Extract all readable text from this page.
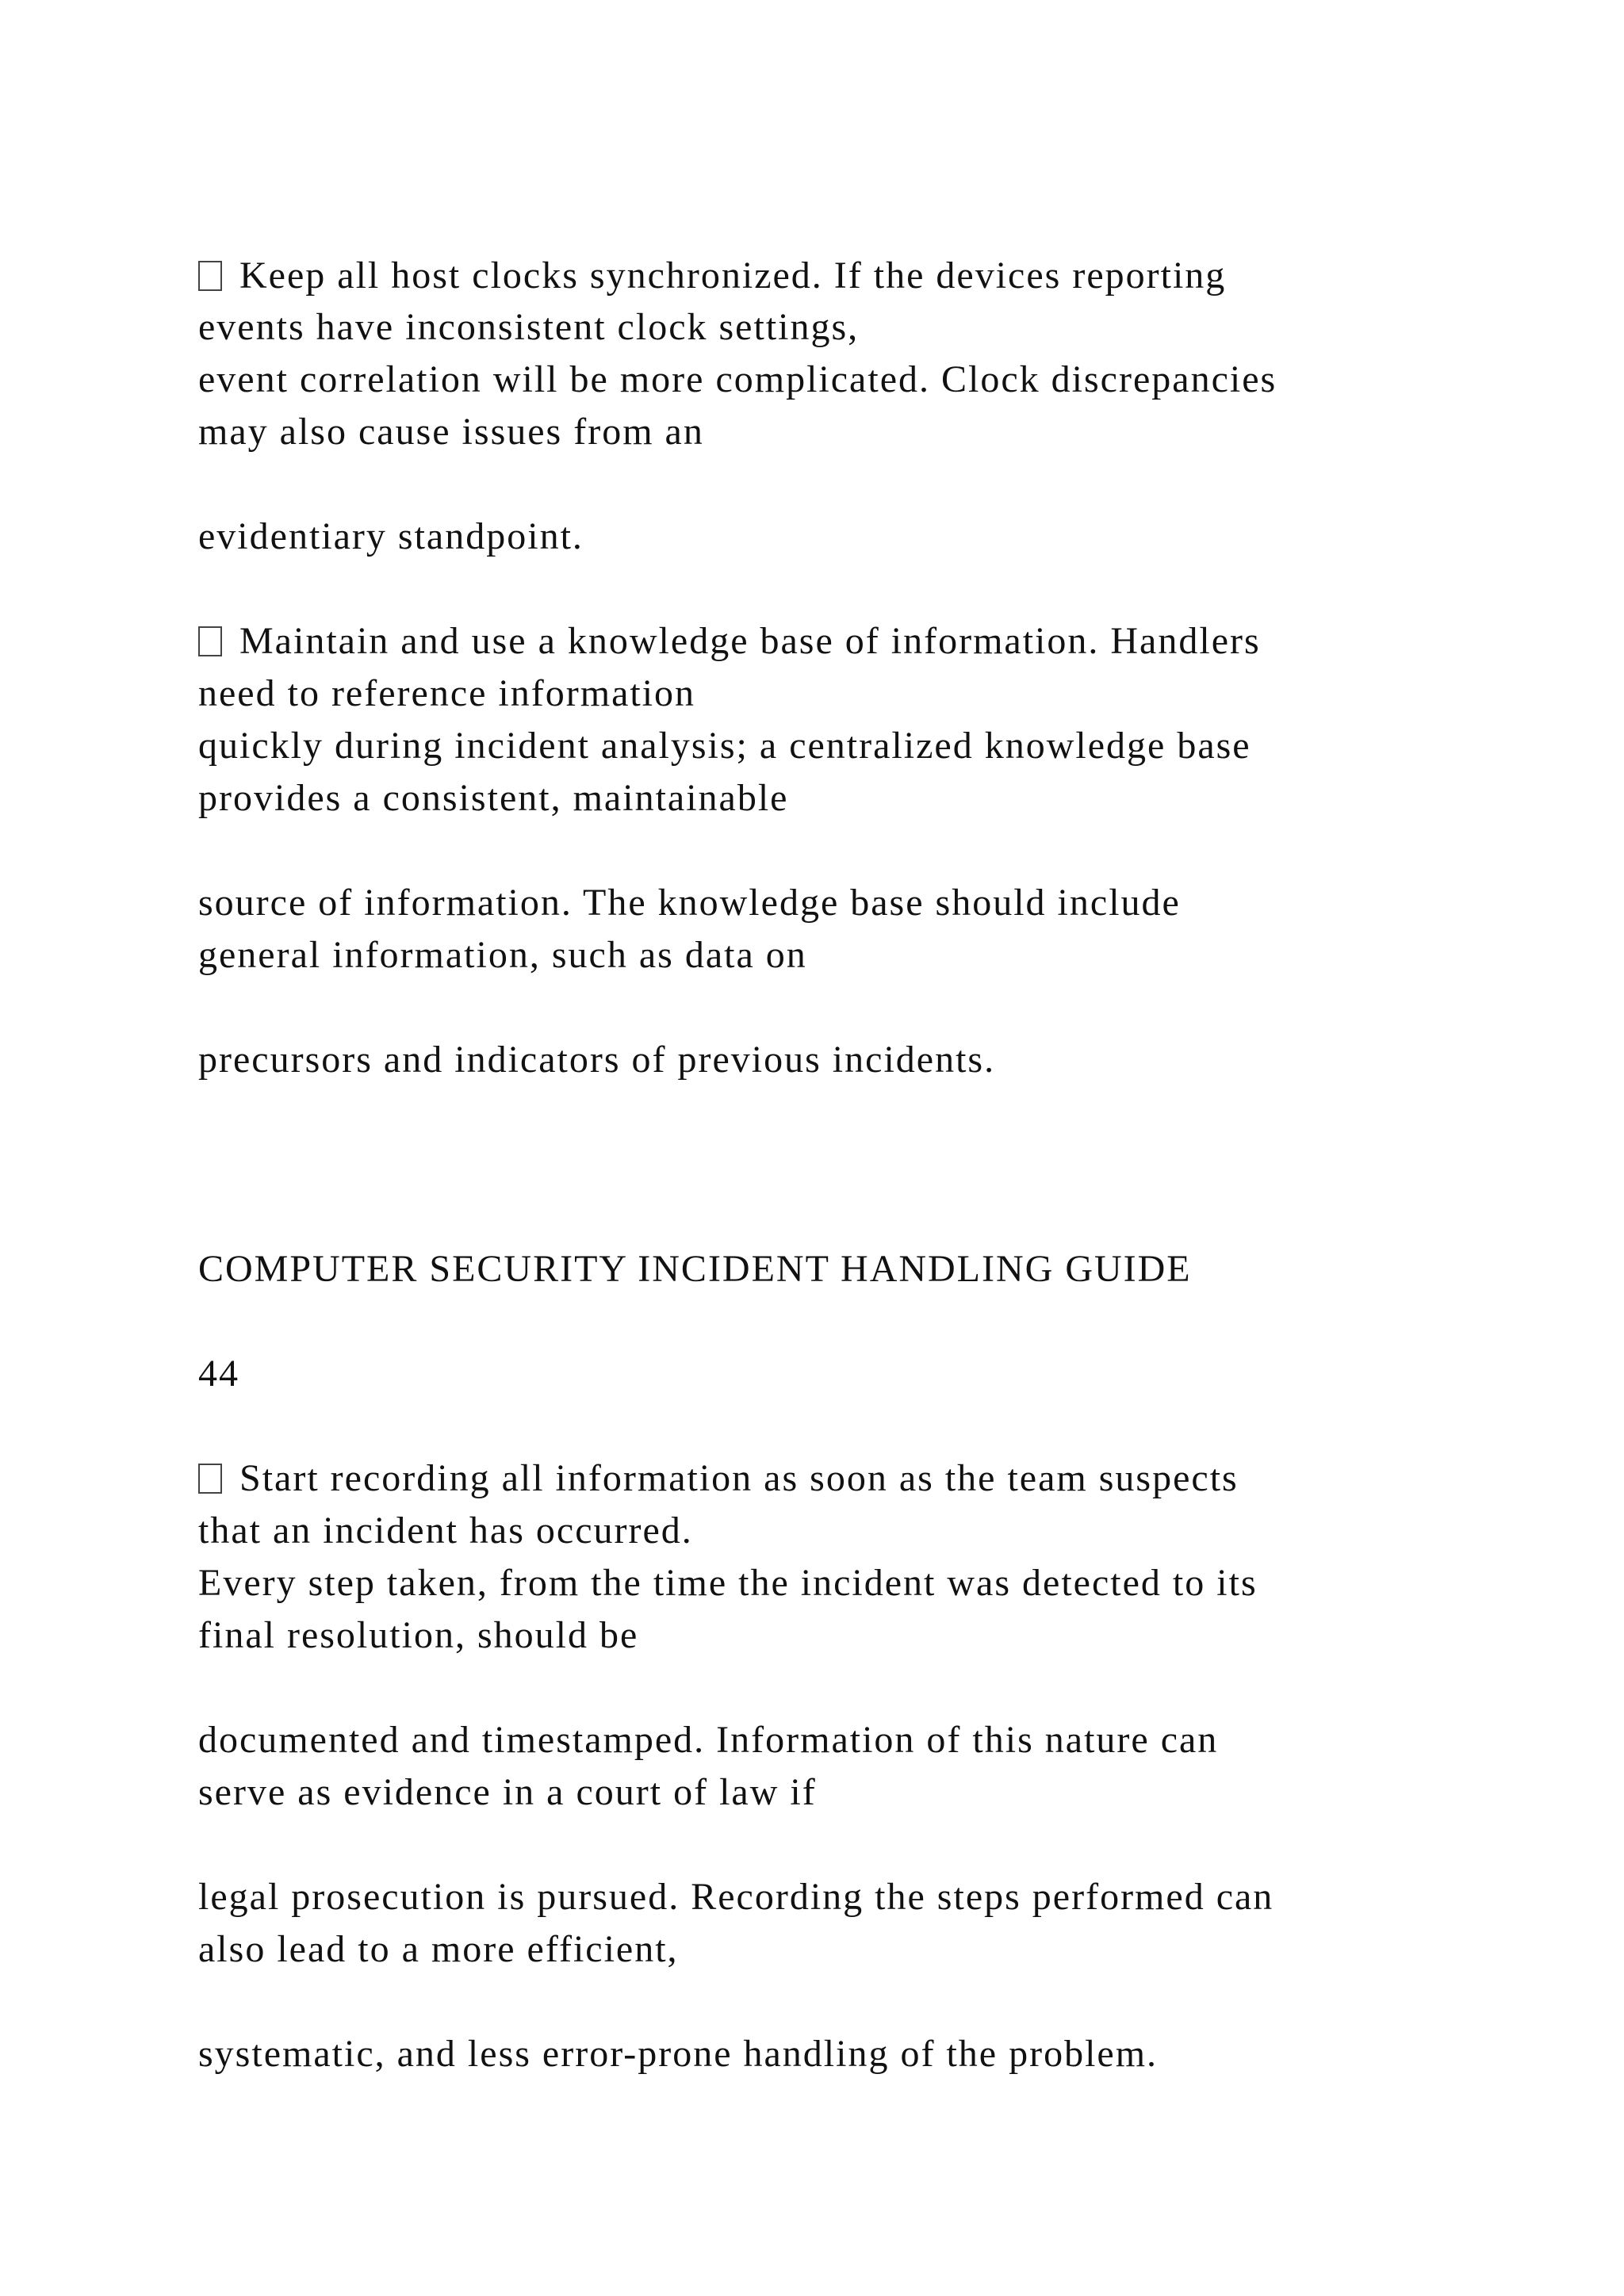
Keep all host clocks synchronized. If the devices reporting

events have inconsistent clock settings,

event correlation will be more complicated. Clock discrepancies

may also cause issues from an

evidentiary standpoint.

Maintain and use a knowledge base of information. Handlers

need to reference information

quickly during incident analysis; a centralized knowledge base

provides a consistent, maintainable

source of information. The knowledge base should include

general information, such as data on

precursors and indicators of previous incidents.

COMPUTER SECURITY INCIDENT HANDLING GUIDE

44

Start recording all information as soon as the team suspects

that an incident has occurred.

Every step taken, from the time the incident was detected to its

final resolution, should be

documented and timestamped. Information of this nature can

serve as evidence in a court of law if

legal prosecution is pursued. Recording the steps performed can

also lead to a more efficient,

systematic, and less error-prone handling of the problem.
